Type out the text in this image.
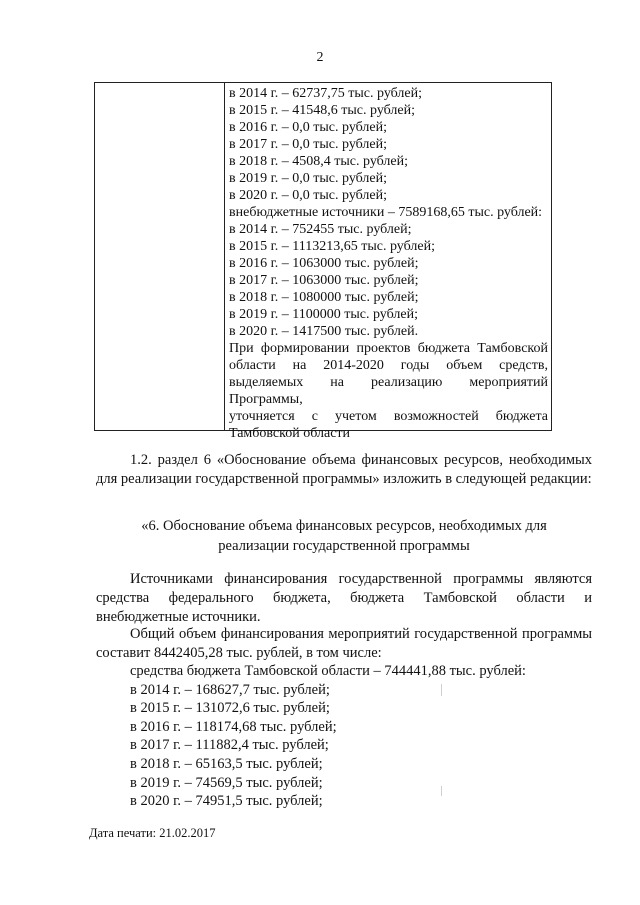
2
в 2014 г. – 62737,75 тыс. рублей;
в 2015 г. – 41548,6 тыс. рублей;
в 2016 г. – 0,0 тыс. рублей;
в 2017 г. – 0,0 тыс. рублей;
в 2018 г. – 4508,4 тыс. рублей;
в 2019 г. – 0,0 тыс. рублей;
в 2020 г. – 0,0 тыс. рублей;
внебюджетные источники – 7589168,65 тыс. рублей:
в 2014 г. – 752455 тыс. рублей;
в 2015 г. – 1113213,65 тыс. рублей;
в 2016 г. – 1063000 тыс. рублей;
в 2017 г. – 1063000 тыс. рублей;
в 2018 г. – 1080000 тыс. рублей;
в 2019 г. – 1100000 тыс. рублей;
в 2020 г. – 1417500 тыс. рублей.
При формировании проектов бюджета Тамбовской
области на 2014-2020 годы объем средств,
выделяемых на реализацию мероприятий Программы,
уточняется с учетом возможностей бюджета
Тамбовской области
1.2. раздел 6 «Обоснование объема финансовых ресурсов, необходимых для реализации государственной программы» изложить в следующей редакции:
«6. Обоснование объема финансовых ресурсов, необходимых для
реализации государственной программы
Источниками финансирования государственной программы являются средства федерального бюджета, бюджета Тамбовской области и внебюджетные источники.
Общий объем финансирования мероприятий государственной программы составит 8442405,28 тыс. рублей, в том числе:
средства бюджета Тамбовской области – 744441,88 тыс. рублей:
в 2014 г. – 168627,7 тыс. рублей;
в 2015 г. – 131072,6 тыс. рублей;
в 2016 г. – 118174,68 тыс. рублей;
в 2017 г. – 111882,4 тыс. рублей;
в 2018 г. – 65163,5 тыс. рублей;
в 2019 г. – 74569,5 тыс. рублей;
в 2020 г. – 74951,5 тыс. рублей;
Дата печати: 21.02.2017
